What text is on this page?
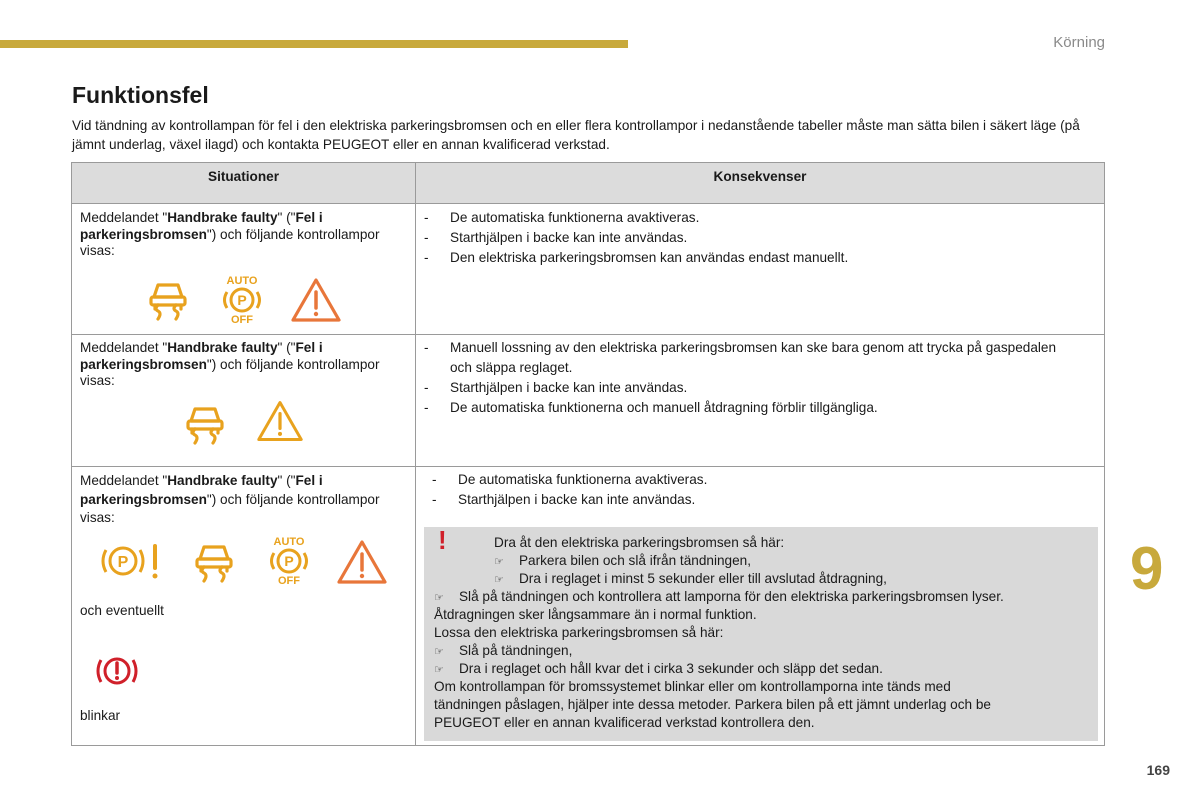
Körning
Funktionsfel

Vid tändning av kontrollampan för fel i den elektriska parkeringsbromsen och en eller flera kontrollampor i nedanstående tabeller måste man sätta bilen i säkert läge (på jämnt underlag, växel ilagd) och kontakta PEUGEOT eller en annan kvalificerad verkstad.

Situationer	Konsekvenser
Meddelandet "Handbrake faulty" ("Fel i parkeringsbromsen") och följande kontrollampor visas:
AUTO
P
OFF
- De automatiska funktionerna avaktiveras.
- Starthjälpen i backe kan inte användas.
- Den elektriska parkeringsbromsen kan användas endast manuellt.
Meddelandet "Handbrake faulty" ("Fel i parkeringsbromsen") och följande kontrollampor visas:
- Manuell lossning av den elektriska parkeringsbromsen kan ske bara genom att trycka på gaspedalen och släppa reglaget.
- Starthjälpen i backe kan inte användas.
- De automatiska funktionerna och manuell åtdragning förblir tillgängliga.
Meddelandet "Handbrake faulty" ("Fel i parkeringsbromsen") och följande kontrollampor visas:
P
AUTO
P
OFF
och eventuellt
blinkar
- De automatiska funktionerna avaktiveras.
- Starthjälpen i backe kan inte användas.
!	Dra åt den elektriska parkeringsbromsen så här:
☞ Parkera bilen och slå ifrån tändningen,
☞ Dra i reglaget i minst 5 sekunder eller till avslutad åtdragning,
☞ Slå på tändningen och kontrollera att lamporna för den elektriska parkeringsbromsen lyser.
Åtdragningen sker långsammare än i normal funktion.
Lossa den elektriska parkeringsbromsen så här:
☞ Slå på tändningen,
☞ Dra i reglaget och håll kvar det i cirka 3 sekunder och släpp det sedan.
Om kontrollampan för bromssystemet blinkar eller om kontrollamporna inte tänds med
tändningen påslagen, hjälper inte dessa metoder. Parkera bilen på ett jämnt underlag och be
PEUGEOT eller en annan kvalificerad verkstad kontrollera den.
9
169
